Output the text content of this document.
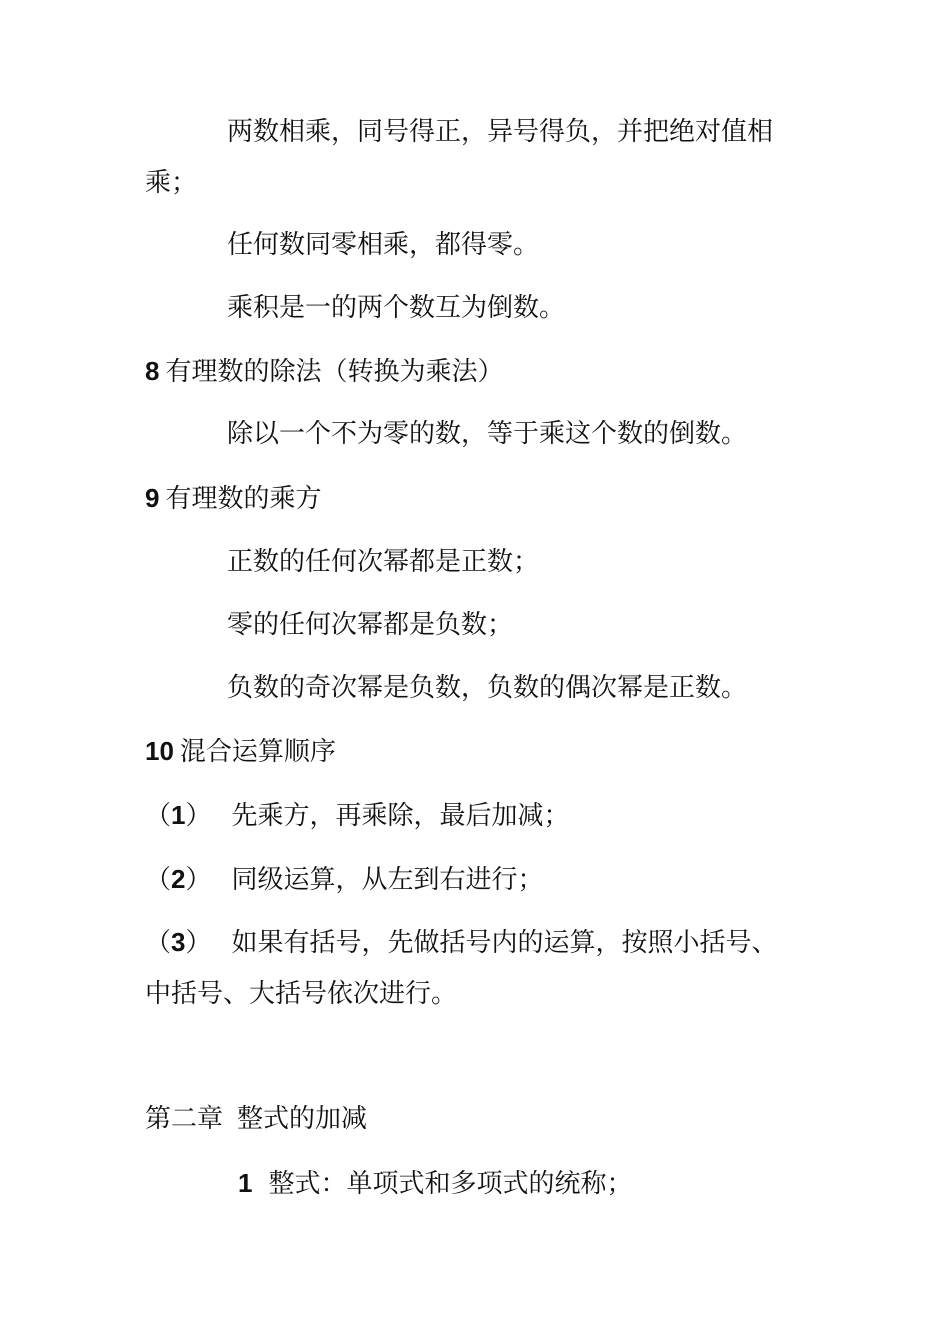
两数相乘，同号得正，异号得负，并把绝对值相
乘；
任何数同零相乘，都得零。
乘积是一的两个数互为倒数。
8 有理数的除法（转换为乘法）
除以一个不为零的数，等于乘这个数的倒数。
9 有理数的乘方
正数的任何次幂都是正数；
零的任何次幂都是负数；
负数的奇次幂是负数，负数的偶次幂是正数。
10 混合运算顺序
（1） 先乘方，再乘除，最后加减；
（2） 同级运算，从左到右进行；
（3） 如果有括号，先做括号内的运算，按照小括号、
中括号、大括号依次进行。
第二章 整式的加减
1 整式：单项式和多项式的统称；
